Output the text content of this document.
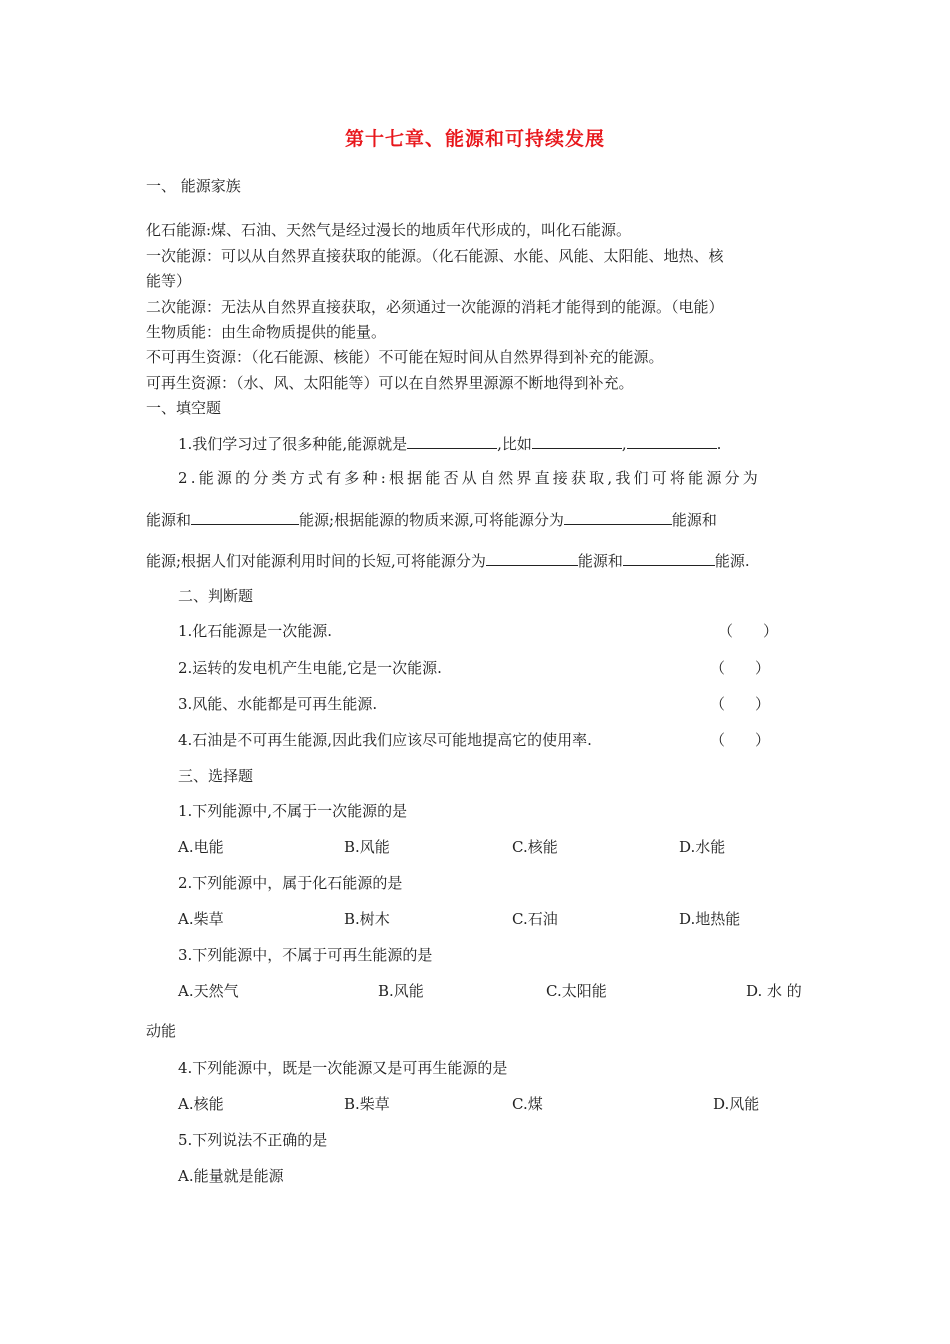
第十七章、能源和可持续发展
一、 能源家族
化石能源:煤、石油、天然气是经过漫长的地质年代形成的，叫化石能源。
一次能源：可以从自然界直接获取的能源。（化石能源、水能、风能、太阳能、地热、核
能等）
二次能源：无法从自然界直接获取，必须通过一次能源的消耗才能得到的能源。（电能）
生物质能：由生命物质提供的能量。
不可再生资源：（化石能源、核能）不可能在短时间从自然界得到补充的能源。
可再生资源：（水、风、太阳能等）可以在自然界里源源不断地得到补充。
一、填空题
1.我们学习过了很多种能,能源就是	,比如	,	.
2.能源的分类方式有多种:根据能否从自然界直接获取,我们可将能源分为
能源和	能源;根据能源的物质来源,可将能源分为	能源和
能源;根据人们对能源利用时间的长短,可将能源分为	能源和	能源.
二、判断题
1.化石能源是一次能源.	（　　）
2.运转的发电机产生电能,它是一次能源.	（　　）
3.风能、水能都是可再生能源.	（　　）
4.石油是不可再生能源,因此我们应该尽可能地提高它的使用率.	（　　）
三、选择题
1.下列能源中,不属于一次能源的是
A.电能	B.风能	C.核能	D.水能
2.下列能源中，属于化石能源的是
A.柴草	B.树木	C.石油	D.地热能
3.下列能源中，不属于可再生能源的是
A.天然气	B.风能	C.太阳能	D. 水 的
动能
4.下列能源中，既是一次能源又是可再生能源的是
A.核能	B.柴草	C.煤	D.风能
5.下列说法不正确的是
A.能量就是能源
